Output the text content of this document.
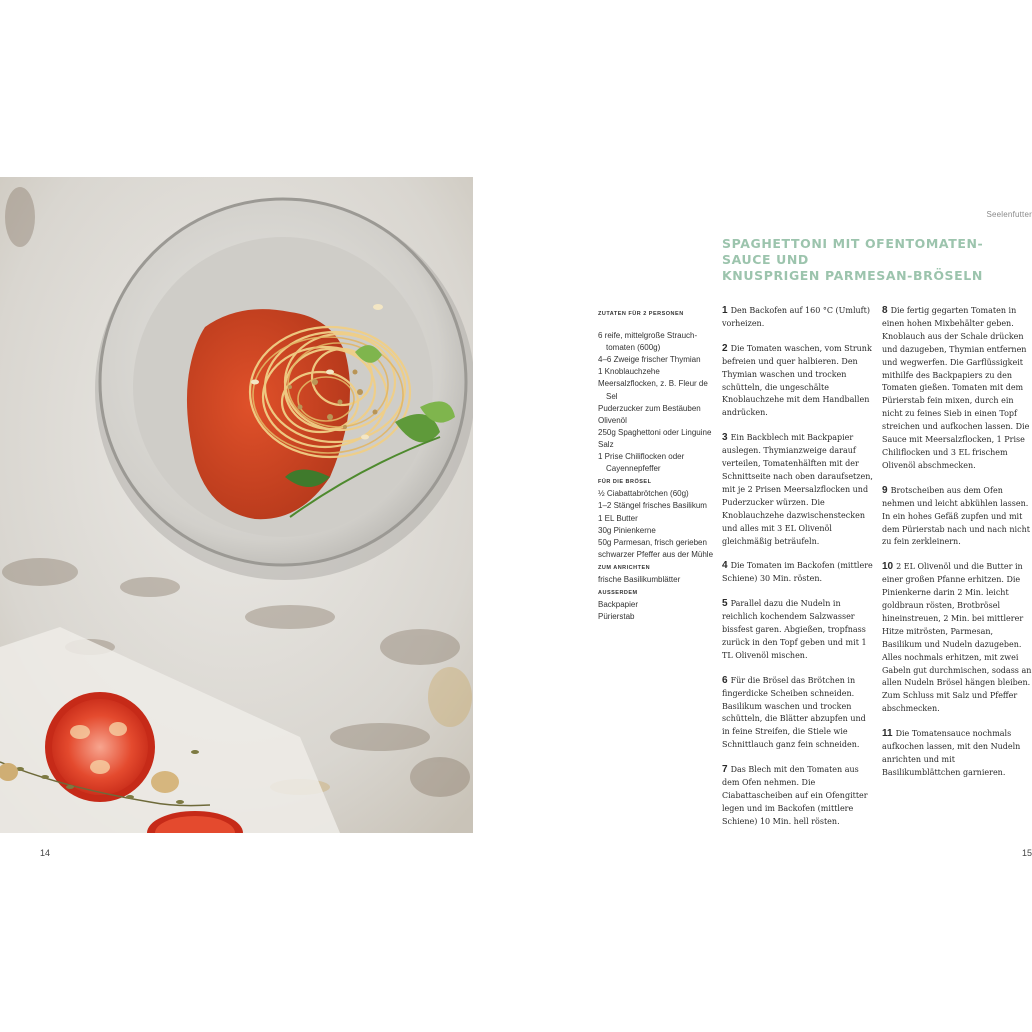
14	15
Seelenfutter
SPAGHETTONI MIT OFENTOMATEN-SAUCE UND
KNUSPRIGEN PARMESAN-BRÖSELN
ZUTATEN FÜR 2 PERSONEN
6 reife, mittelgroße Strauch-tomaten (600g)
4–6 Zweige frischer Thymian
1 Knoblauchzehe
Meersalzflocken, z. B. Fleur de Sel
Puderzucker zum Bestäuben
Olivenöl
250g Spaghettoni oder Linguine
Salz
1 Prise Chiliflocken oder Cayennepfeffer
FÜR DIE BRÖSEL
½ Ciabattabrötchen (60g)
1–2 Stängel frisches Basilikum
1 EL Butter
30g Pinienkerne
50g Parmesan, frisch gerieben
schwarzer Pfeffer aus der Mühle
ZUM ANRICHTEN
frische Basilikumblätter
AUSSERDEM
Backpapier
Pürierstab

1 Den Backofen auf 160 °C (Umluft) vorheizen.

2 Die Tomaten waschen, vom Strunk befreien und quer halbieren. Den Thymian waschen und trocken schütteln, die ungeschälte Knoblauchzehe mit dem Handballen andrücken.

3 Ein Backblech mit Backpapier auslegen. Thymianzweige darauf verteilen, Tomatenhälften mit der Schnittseite nach oben daraufsetzen, mit je 2 Prisen Meersalzflocken und Puderzucker würzen. Die Knoblauchzehe dazwischenstecken und alles mit 3 EL Olivenöl gleichmäßig beträufeln.

4 Die Tomaten im Backofen (mittlere Schiene) 30 Min. rösten.

5 Parallel dazu die Nudeln in reichlich kochendem Salzwasser bissfest garen. Abgießen, tropfnass zurück in den Topf geben und mit 1 TL Olivenöl mischen.

6 Für die Brösel das Brötchen in fingerdicke Scheiben schneiden. Basilikum waschen und trocken schütteln, die Blätter abzupfen und in feine Streifen, die Stiele wie Schnittlauch ganz fein schneiden.

7 Das Blech mit den Tomaten aus dem Ofen nehmen. Die Ciabattascheiben auf ein Ofengitter legen und im Backofen (mittlere Schiene) 10 Min. hell rösten.

8 Die fertig gegarten Tomaten in einen hohen Mixbehälter geben. Knoblauch aus der Schale drücken und dazugeben, Thymian entfernen und wegwerfen. Die Garflüssigkeit mithilfe des Backpapiers zu den Tomaten gießen. Tomaten mit dem Pürierstab fein mixen, durch ein nicht zu feines Sieb in einen Topf streichen und aufkochen lassen. Die Sauce mit Meersalzflocken, 1 Prise Chiliflocken und 3 EL frischem Olivenöl abschmecken.

9 Brotscheiben aus dem Ofen nehmen und leicht abkühlen lassen. In ein hohes Gefäß zupfen und mit dem Pürierstab nach und nach nicht zu fein zerkleinern.

10 2 EL Olivenöl und die Butter in einer großen Pfanne erhitzen. Die Pinienkerne darin 2 Min. leicht goldbraun rösten, Brotbrösel hineinstreuen, 2 Min. bei mittlerer Hitze mitrösten, Parmesan, Basilikum und Nudeln dazugeben. Alles nochmals erhitzen, mit zwei Gabeln gut durchmischen, sodass an allen Nudeln Brösel hängen bleiben. Zum Schluss mit Salz und Pfeffer abschmecken.

11 Die Tomatensauce nochmals aufkochen lassen, mit den Nudeln anrichten und mit Basilikumblättchen garnieren.
